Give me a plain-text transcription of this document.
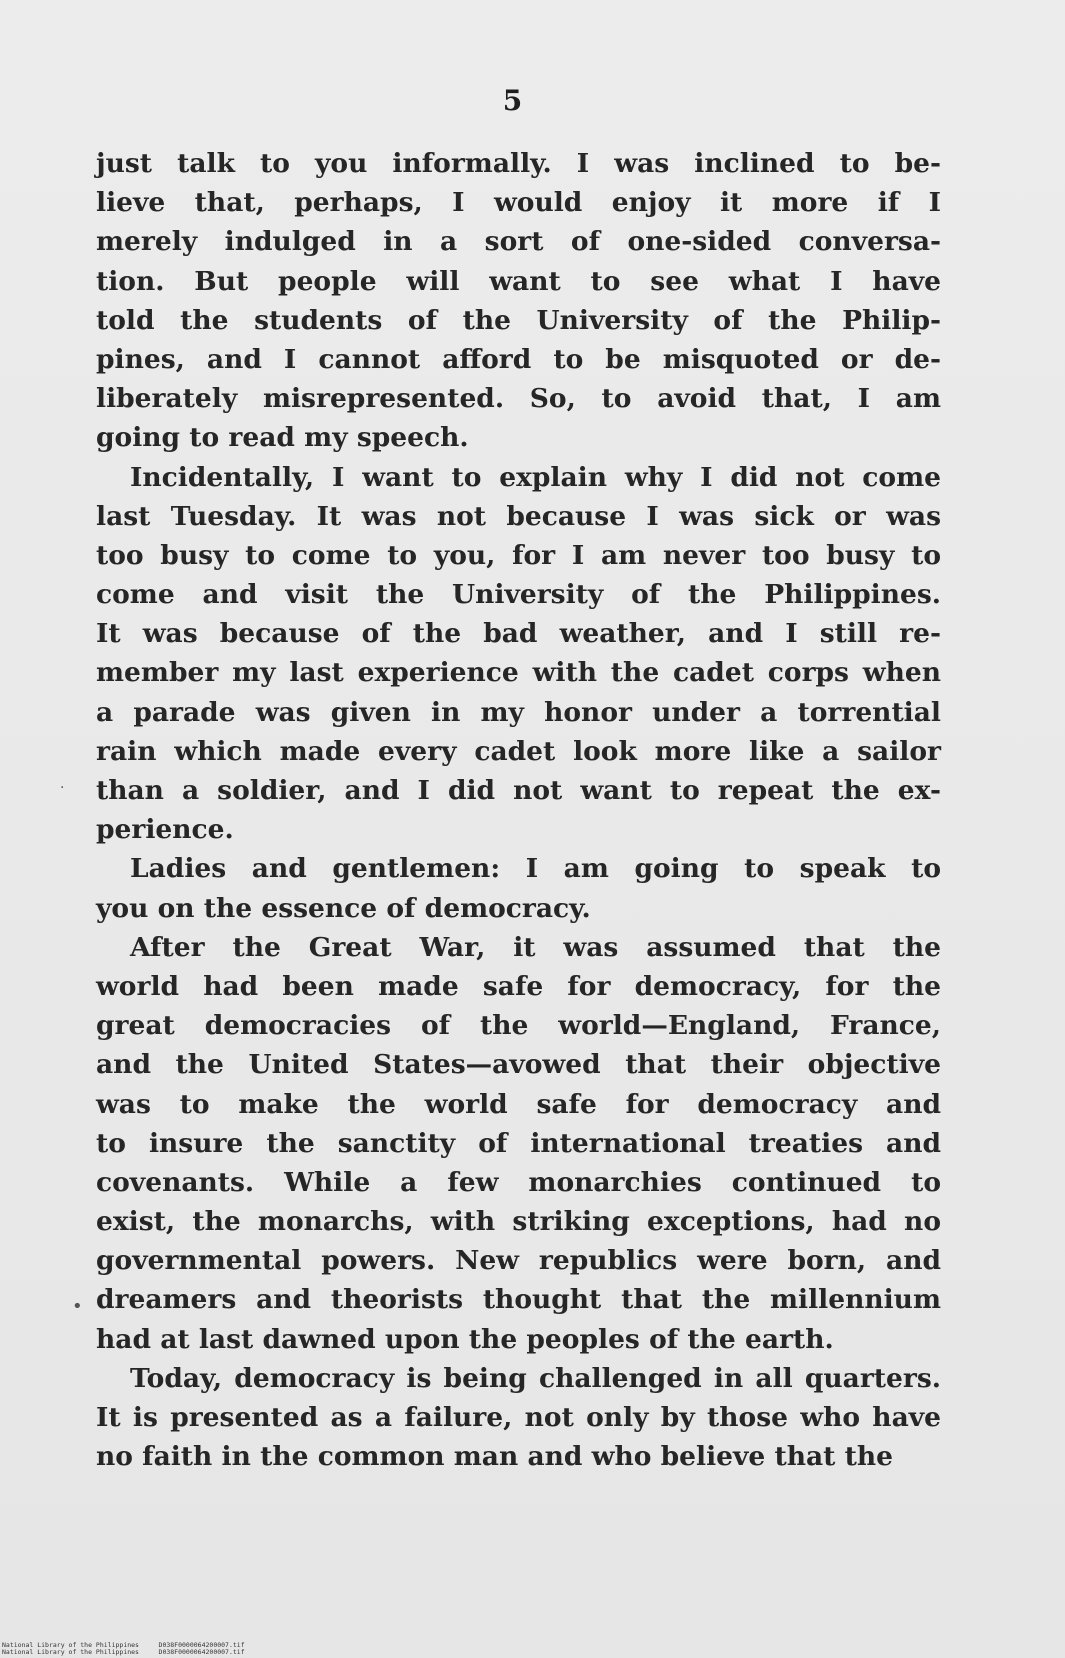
5
just talk to you informally. I was inclined to be-
lieve that, perhaps, I would enjoy it more if I
merely indulged in a sort of one-sided conversa-
tion. But people will want to see what I have
told the students of the University of the Philip-
pines, and I cannot afford to be misquoted or de-
liberately misrepresented. So, to avoid that, I am
going to read my speech.
Incidentally, I want to explain why I did not come
last Tuesday. It was not because I was sick or was
too busy to come to you, for I am never too busy to
come and visit the University of the Philippines.
It was because of the bad weather, and I still re-
member my last experience with the cadet corps when
a parade was given in my honor under a torrential
rain which made every cadet look more like a sailor
than a soldier, and I did not want to repeat the ex-
perience.
Ladies and gentlemen: I am going to speak to
you on the essence of democracy.
After the Great War, it was assumed that the
world had been made safe for democracy, for the
great democracies of the world—England, France,
and the United States—avowed that their objective
was to make the world safe for democracy and
to insure the sanctity of international treaties and
covenants. While a few monarchies continued to
exist, the monarchs, with striking exceptions, had no
governmental powers. New republics were born, and
dreamers and theorists thought that the millennium
had at last dawned upon the peoples of the earth.
Today, democracy is being challenged in all quarters.
It is presented as a failure, not only by those who have
no faith in the common man and who believe that the
·
•
National Library of the Philippines     D038F0000064200007.tif
National Library of the Philippines     D038F0000064200007.tif
